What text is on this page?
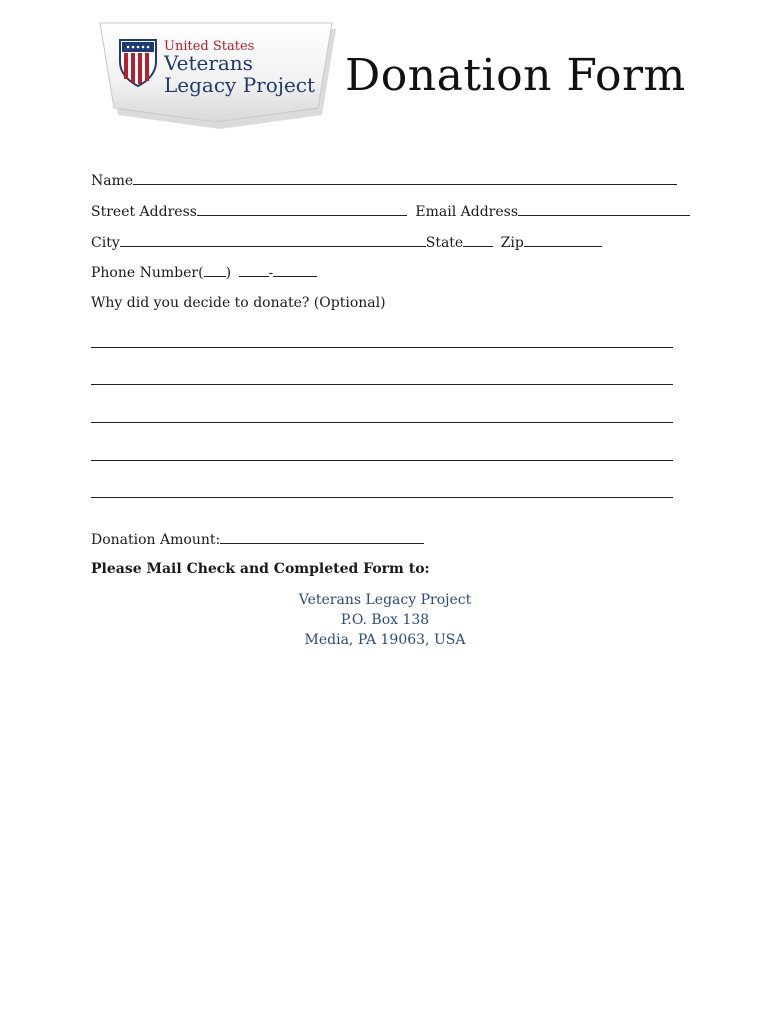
United States
Veterans
Legacy Project Donation Form
Name
Street Address	Email Address
City	State	Zip
Phone Number( )	-
Why did you decide to donate? (Optional)
Donation Amount:
Please Mail Check and Completed Form to:
Veterans Legacy Project
P.O. Box 138
Media, PA 19063, USA
